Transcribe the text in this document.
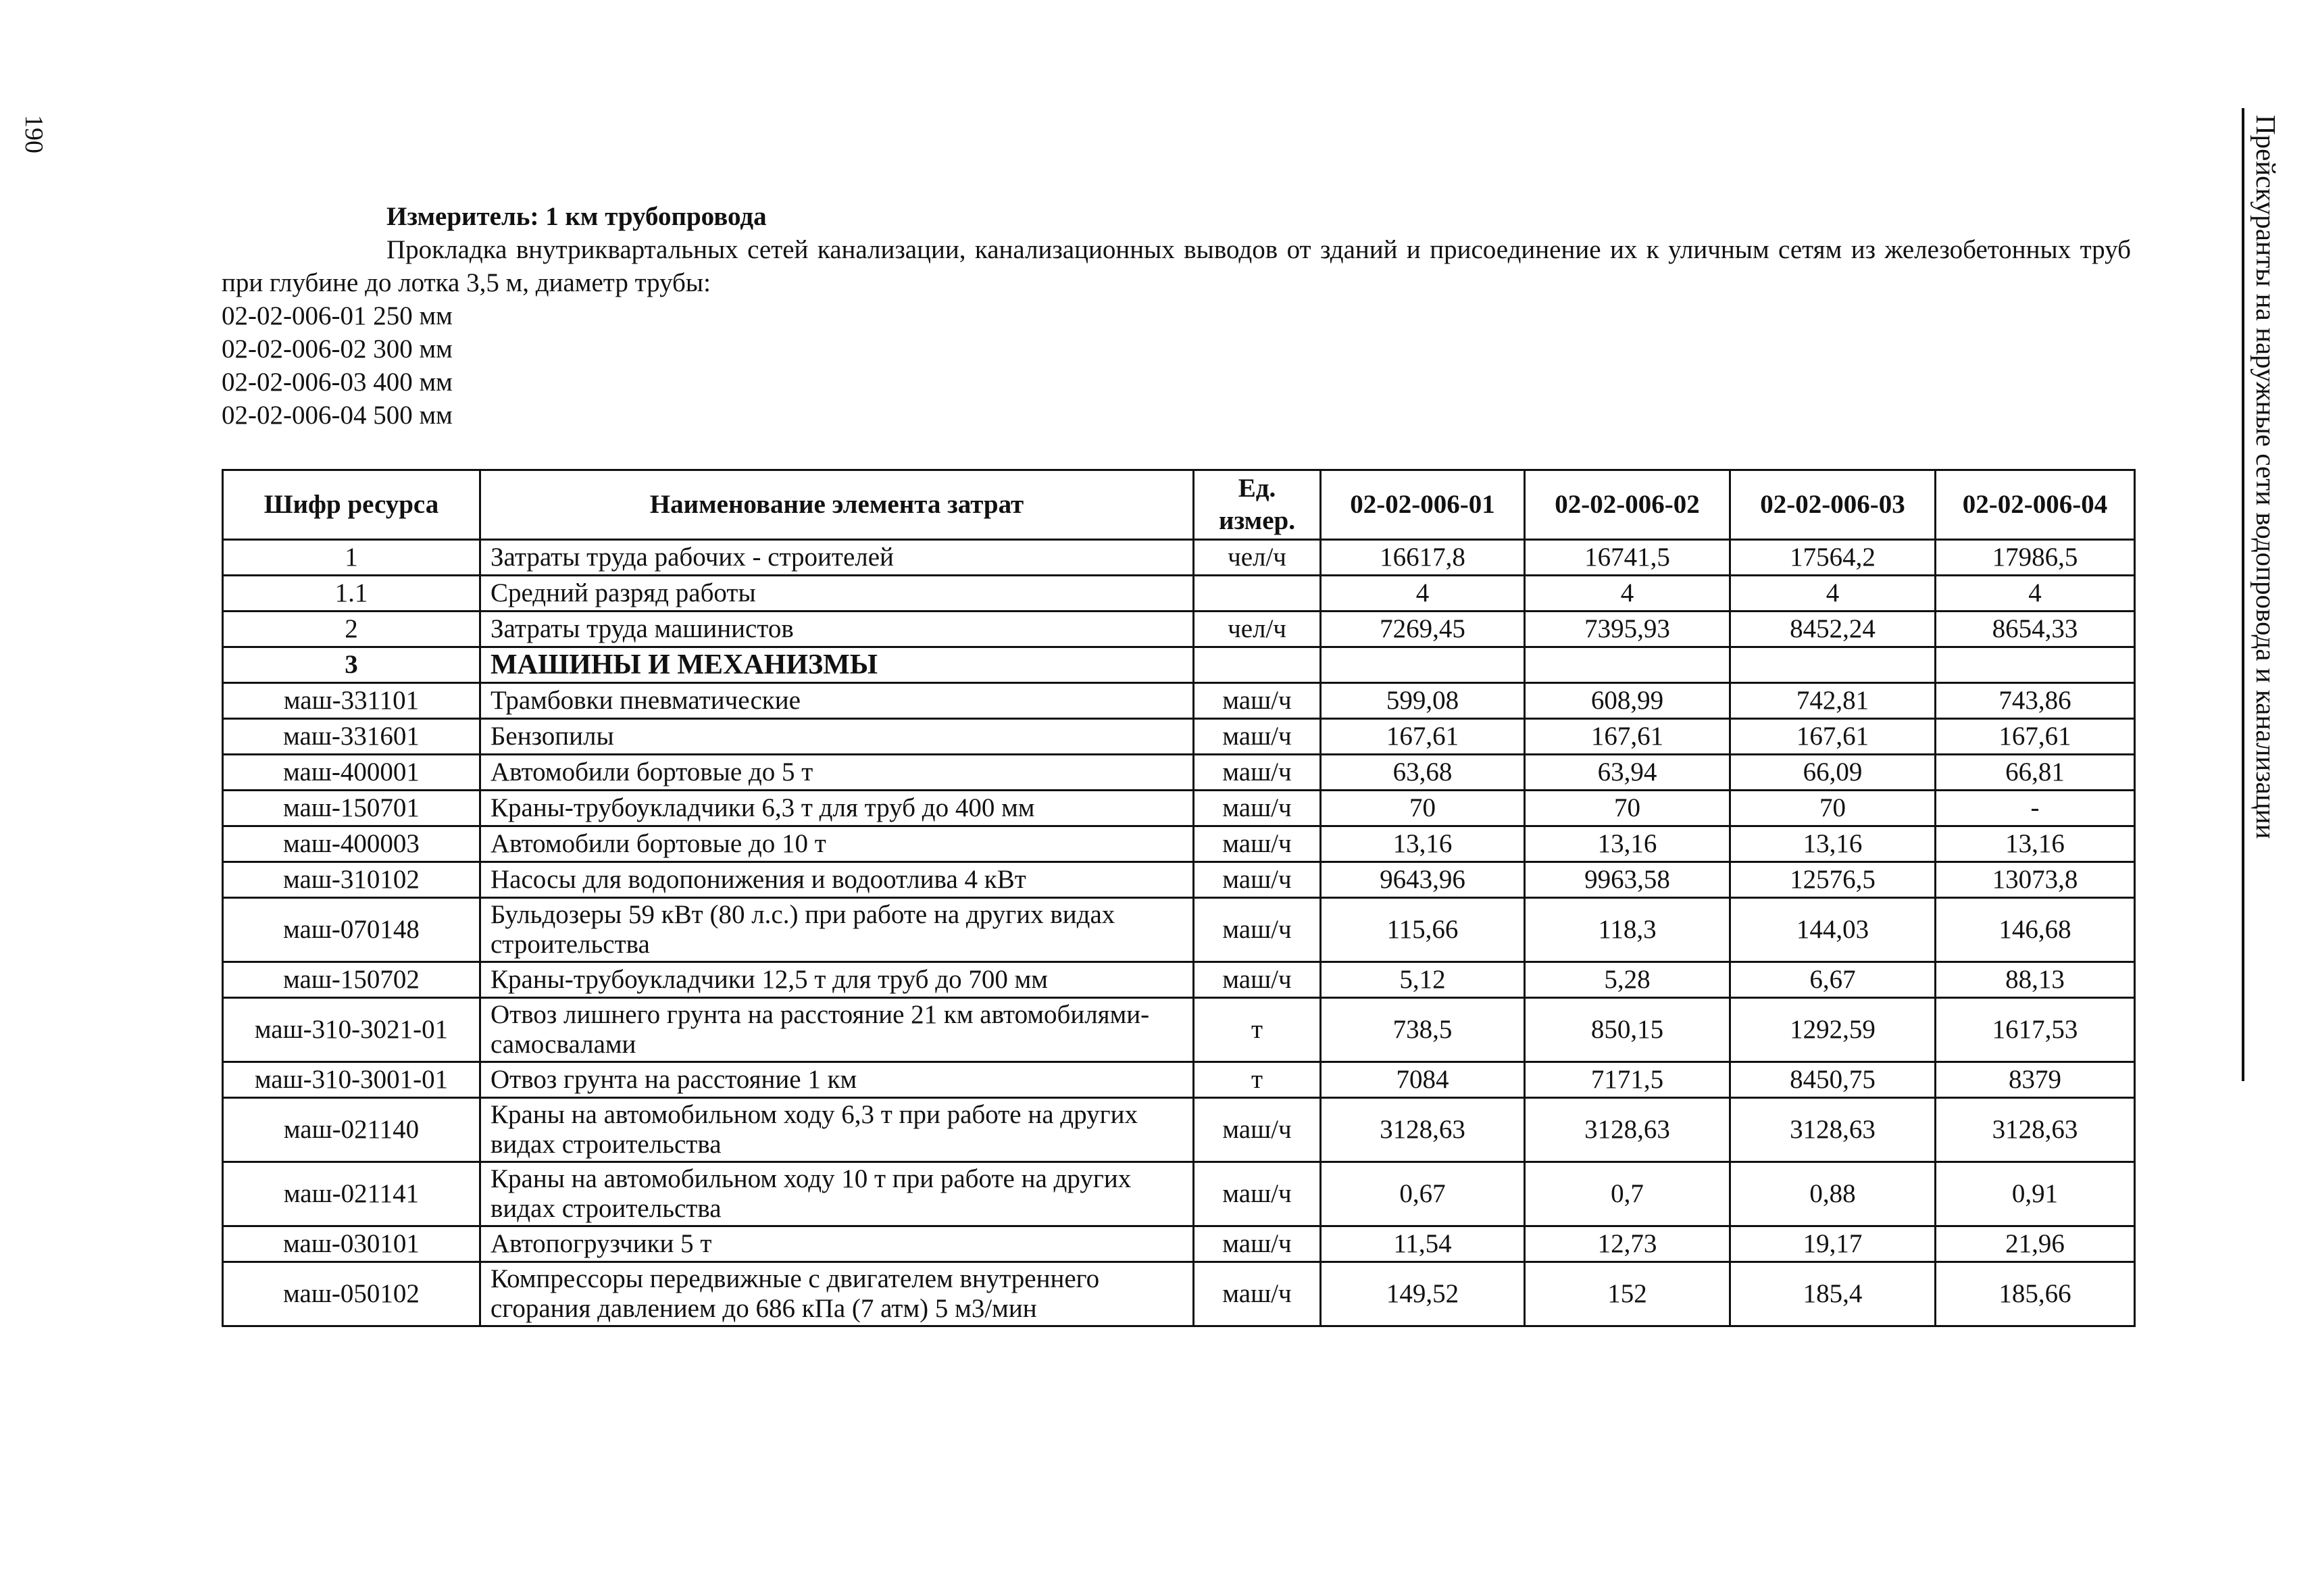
190	Прейскуранты на наружные сети водопровода и канализации
Измеритель: 1 км трубопровода
Прокладка внутриквартальных сетей канализации, канализационных выводов от зданий и присоединение их к уличным сетям из железобетонных труб при глубине до лотка 3,5 м, диаметр трубы:
02-02-006-01 250 мм
02-02-006-02 300 мм
02-02-006-03 400 мм
02-02-006-04 500 мм
Шифр ресурса	Наименование элемента затрат	Ед. измер.	02-02-006-01	02-02-006-02	02-02-006-03	02-02-006-04
1	Затраты труда рабочих - строителей	чел/ч	16617,8	16741,5	17564,2	17986,5
1.1	Средний разряд работы		4	4	4	4
2	Затраты труда машинистов	чел/ч	7269,45	7395,93	8452,24	8654,33
3	МАШИНЫ И МЕХАНИЗМЫ					
маш-331101	Трамбовки пневматические	маш/ч	599,08	608,99	742,81	743,86
маш-331601	Бензопилы	маш/ч	167,61	167,61	167,61	167,61
маш-400001	Автомобили бортовые до 5 т	маш/ч	63,68	63,94	66,09	66,81
маш-150701	Краны-трубоукладчики 6,3 т для труб до 400 мм	маш/ч	70	70	70	-
маш-400003	Автомобили бортовые до 10 т	маш/ч	13,16	13,16	13,16	13,16
маш-310102	Насосы для водопонижения и водоотлива 4 кВт	маш/ч	9643,96	9963,58	12576,5	13073,8
маш-070148	Бульдозеры 59 кВт (80 л.с.) при работе на других видах строительства	маш/ч	115,66	118,3	144,03	146,68
маш-150702	Краны-трубоукладчики 12,5 т для труб до 700 мм	маш/ч	5,12	5,28	6,67	88,13
маш-310-3021-01	Отвоз лишнего грунта на расстояние 21 км автомобилями-самосвалами	т	738,5	850,15	1292,59	1617,53
маш-310-3001-01	Отвоз грунта на расстояние 1 км	т	7084	7171,5	8450,75	8379
маш-021140	Краны на автомобильном ходу 6,3 т при работе на других видах строительства	маш/ч	3128,63	3128,63	3128,63	3128,63
маш-021141	Краны на автомобильном ходу 10 т при работе на других видах строительства	маш/ч	0,67	0,7	0,88	0,91
маш-030101	Автопогрузчики 5 т	маш/ч	11,54	12,73	19,17	21,96
маш-050102	Компрессоры передвижные с двигателем внутреннего сгорания давлением до 686 кПа (7 атм) 5 м3/мин	маш/ч	149,52	152	185,4	185,66
